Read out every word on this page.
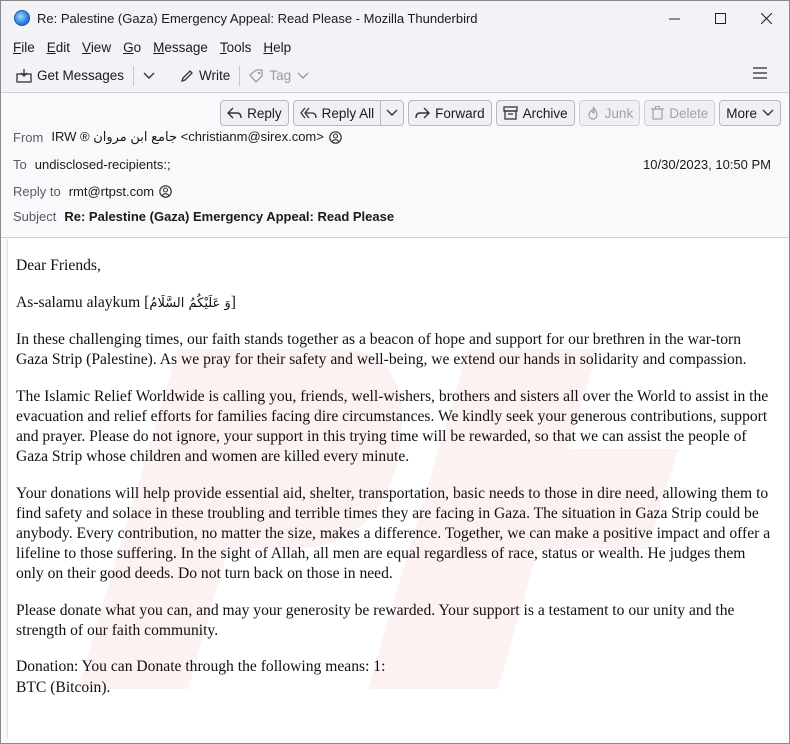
Re: Palestine (Gaza) Emergency Appeal: Read Please - Mozilla Thunderbird
File Edit View Go Message Tools Help
Get Messages	Write	Tag
Reply	Reply All	Forward	Archive	Junk	Delete More
From IRW ® جامع ابن مروان <christianm@sirex.com>
To undisclosed-recipients:;	10/30/2023, 10:50 PM
Reply to rmt@rtpst.com
Subject Re: Palestine (Gaza) Emergency Appeal: Read Please

Dear Friends,

As-salamu alaykum [وَ عَلَيْكُمُ السَّلَامُ]

In these challenging times, our faith stands together as a beacon of hope and support for our brethren in the war-torn Gaza Strip (Palestine). As we pray for their safety and well-being, we extend our hands in solidarity and compassion.

The Islamic Relief Worldwide is calling you, friends, well-wishers, brothers and sisters all over the World to assist in the evacuation and relief efforts for families facing dire circumstances. We kindly seek your generous contributions, support and prayer. Please do not ignore, your support in this trying time will be rewarded, so that we can assist the people of Gaza Strip whose children and women are killed every minute.

Your donations will help provide essential aid, shelter, transportation, basic needs to those in dire need, allowing them to find safety and solace in these troubling and terrible times they are facing in Gaza. The situation in Gaza Strip could be anybody. Every contribution, no matter the size, makes a difference. Together, we can make a positive impact and offer a lifeline to those suffering. In the sight of Allah, all men are equal regardless of race, status or wealth. He judges them only on their good deeds. Do not turn back on those in need.

Please donate what you can, and may your generosity be rewarded. Your support is a testament to our unity and the strength of our faith community.

Donation: You can Donate through the following means: 1:

BTC (Bitcoin).
